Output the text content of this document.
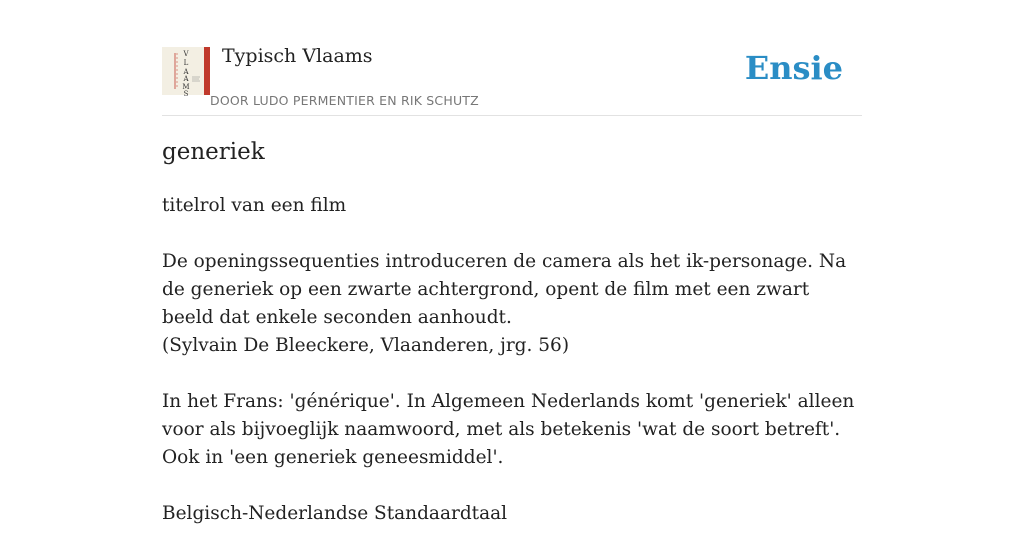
V
L
A
A
M
S
Typisch Vlaams
DOOR LUDO PERMENTIER EN RIK SCHUTZ
Ensie
generiek

titelrol van een film

De openingssequenties introduceren de camera als het ik-personage. Na de generiek op een zwarte achtergrond, opent de film met een zwart beeld dat enkele seconden aanhoudt.

(Sylvain De Bleeckere, Vlaanderen, jrg. 56)

In het Frans: 'générique'. In Algemeen Nederlands komt 'generiek' alleen voor als bijvoeglijk naamwoord, met als betekenis 'wat de soort betreft'. Ook in 'een generiek geneesmiddel'.

Belgisch-Nederlandse Standaardtaal
